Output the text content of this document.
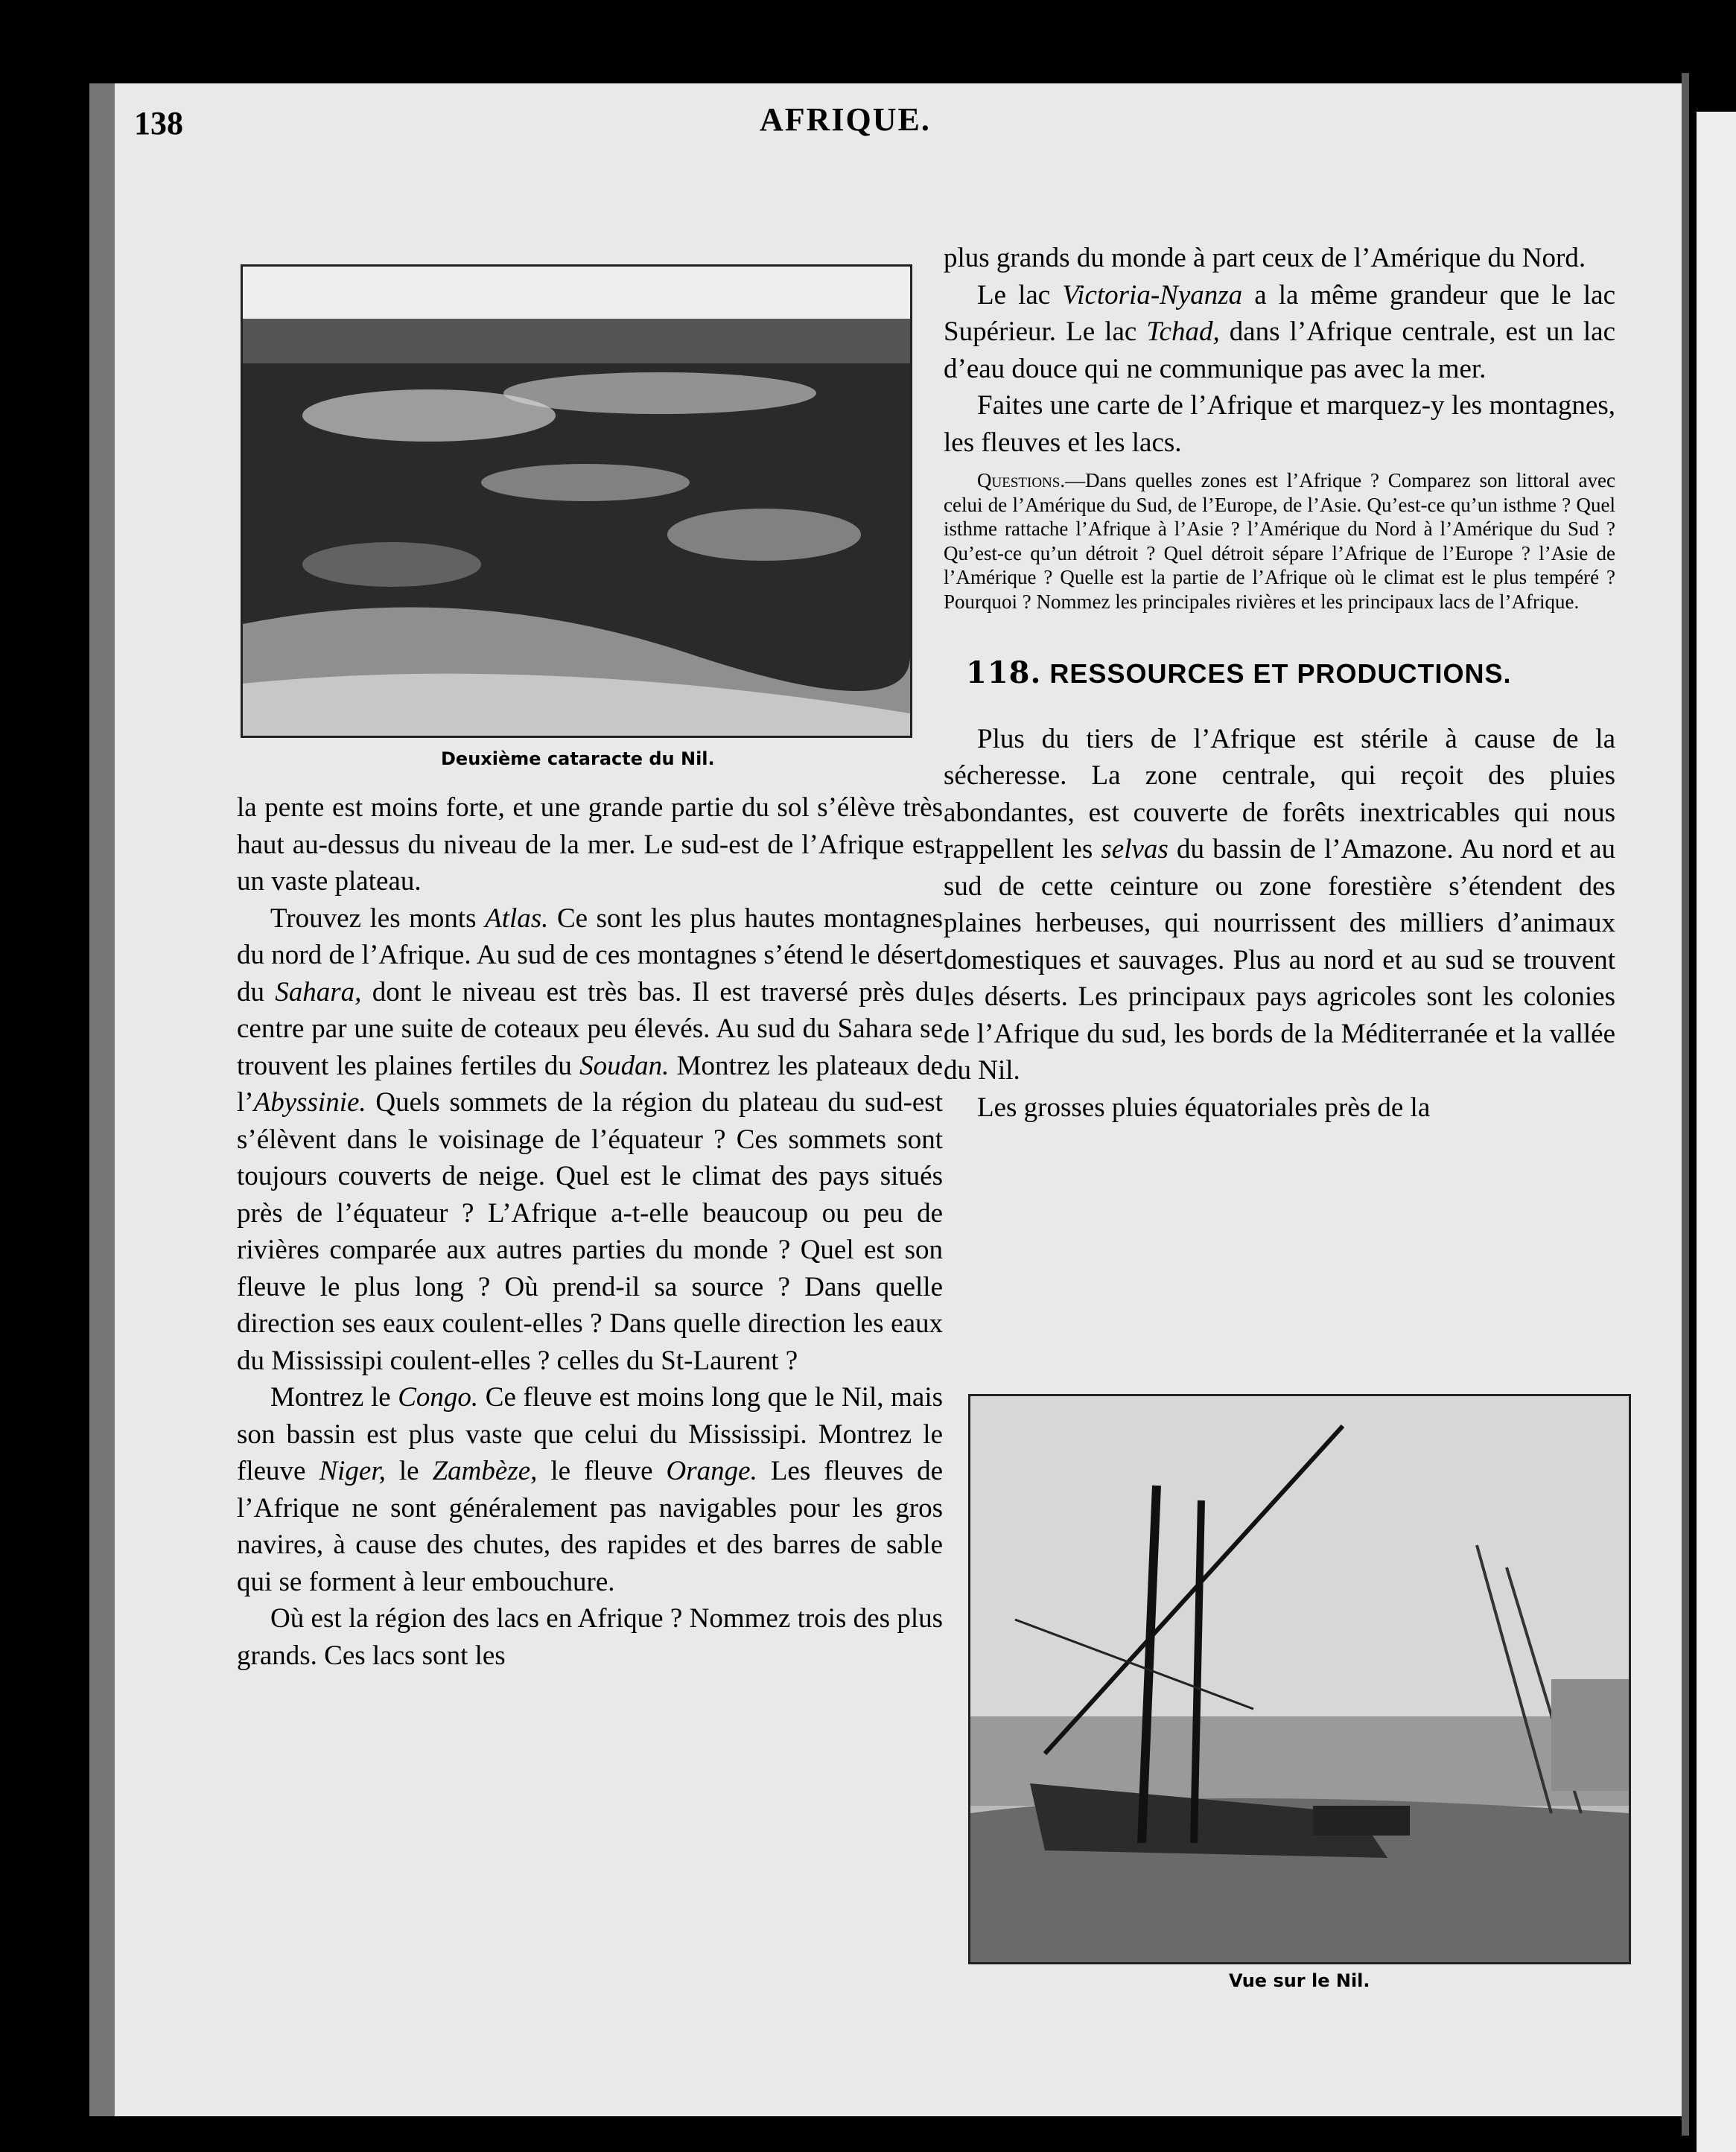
138	AFRIQUE.
Deuxième cataracte du Nil.

la pente est moins forte, et une grande partie du sol s’élève très haut au-dessus du niveau de la mer. Le sud-est de l’Afrique est un vaste plateau.

Trouvez les monts Atlas. Ce sont les plus hautes montagnes du nord de l’Afrique. Au sud de ces montagnes s’étend le désert du Sahara, dont le niveau est très bas. Il est traversé près du centre par une suite de coteaux peu élevés. Au sud du Sahara se trouvent les plaines fertiles du Soudan. Montrez les plateaux de l’Abyssinie. Quels sommets de la région du plateau du sud-est s’élèvent dans le voisinage de l’équateur ? Ces sommets sont toujours couverts de neige. Quel est le climat des pays situés près de l’équateur ? L’Afrique a-t-elle beaucoup ou peu de rivières comparée aux autres parties du monde ? Quel est son fleuve le plus long ? Où prend-il sa source ? Dans quelle direction ses eaux coulent-elles ? Dans quelle direction les eaux du Mississipi coulent-elles ? celles du St-Laurent ?

Montrez le Congo. Ce fleuve est moins long que le Nil, mais son bassin est plus vaste que celui du Mississipi. Montrez le fleuve Niger, le Zambèze, le fleuve Orange. Les fleuves de l’Afrique ne sont généralement pas navigables pour les gros navires, à cause des chutes, des rapides et des barres de sable qui se forment à leur embouchure.

Où est la région des lacs en Afrique ? Nommez trois des plus grands. Ces lacs sont les

plus grands du monde à part ceux de l’Amérique du Nord.

Le lac Victoria-Nyanza a la même grandeur que le lac Supérieur. Le lac Tchad, dans l’Afrique centrale, est un lac d’eau douce qui ne communique pas avec la mer.

Faites une carte de l’Afrique et marquez-y les montagnes, les fleuves et les lacs.

Questions.—Dans quelles zones est l’Afrique ? Comparez son littoral avec celui de l’Amérique du Sud, de l’Europe, de l’Asie. Qu’est-ce qu’un isthme ? Quel isthme rattache l’Afrique à l’Asie ? l’Amérique du Nord à l’Amérique du Sud ? Qu’est-ce qu’un détroit ? Quel détroit sépare l’Afrique de l’Europe ? l’Asie de l’Amérique ? Quelle est la partie de l’Afrique où le climat est le plus tempéré ? Pourquoi ? Nommez les principales rivières et les principaux lacs de l’Afrique.

118. RESSOURCES ET PRODUCTIONS.

Plus du tiers de l’Afrique est stérile à cause de la sécheresse. La zone centrale, qui reçoit des pluies abondantes, est couverte de forêts inextricables qui nous rappellent les selvas du bassin de l’Amazone. Au nord et au sud de cette ceinture ou zone forestière s’étendent des plaines herbeuses, qui nourrissent des milliers d’animaux domestiques et sauvages. Plus au nord et au sud se trouvent les déserts. Les principaux pays agricoles sont les colonies de l’Afrique du sud, les bords de la Méditerranée et la vallée du Nil.

Les grosses pluies équatoriales près de la

Vue sur le Nil.
